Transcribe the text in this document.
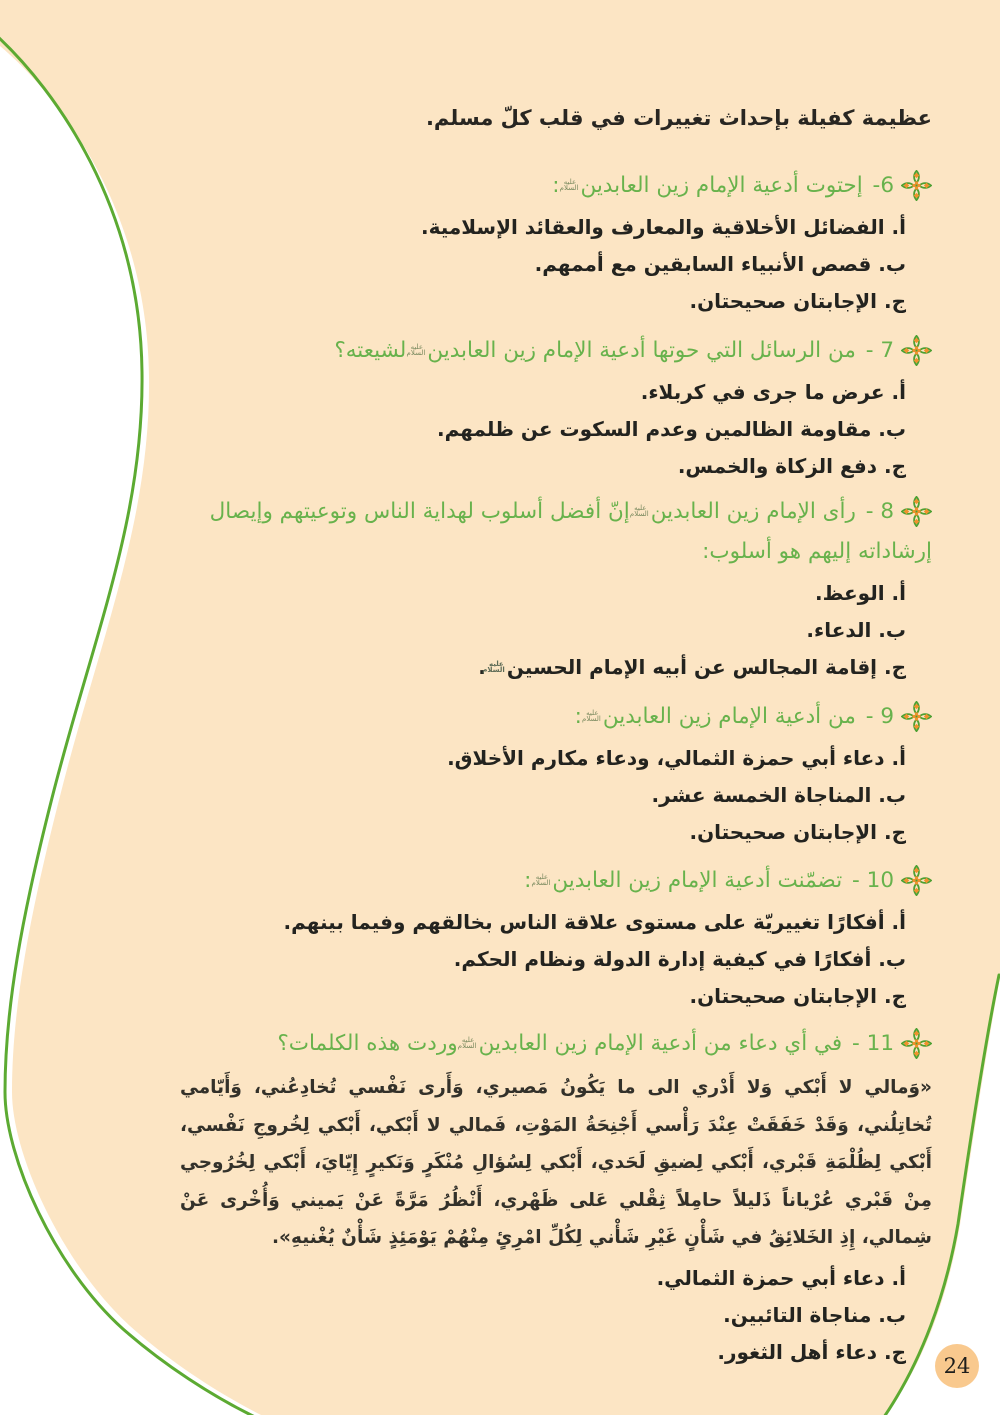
عظيمة كفيلة بإحداث تغييرات في قلب كلّ مسلم.
6- إحتوت أدعية الإمام زين العابدينعليه السلام:
أ. الفضائل الأخلاقية والمعارف والعقائد الإسلامية.
ب. قصص الأنبياء السابقين مع أممهم.
ج. الإجابتان صحيحتان.
7 - من الرسائل التي حوتها أدعية الإمام زين العابدينعليه السلاملشيعته؟
أ. عرض ما جرى في كربلاء.
ب. مقاومة الظالمين وعدم السكوت عن ظلمهم.
ج. دفع الزكاة والخمس.
8 - رأى الإمام زين العابدينعليه السلامإنّ أفضل أسلوب لهداية الناس وتوعيتهم وإيصال إرشاداته إليهم هو أسلوب:
أ. الوعظ.
ب. الدعاء.
ج. إقامة المجالس عن أبيه الإمام الحسينعليه السلام.
9 - من أدعية الإمام زين العابدينعليه السلام:
أ. دعاء أبي حمزة الثمالي، ودعاء مكارم الأخلاق.
ب. المناجاة الخمسة عشر.
ج. الإجابتان صحيحتان.
10 - تضمّنت أدعية الإمام زين العابدينعليه السلام:
أ. أفكارًا تغييريّة على مستوى علاقة الناس بخالقهم وفيما بينهم.
ب. أفكارًا في كيفية إدارة الدولة ونظام الحكم.
ج. الإجابتان صحيحتان.
11 - في أي دعاء من أدعية الإمام زين العابدينعليه السلاموردت هذه الكلمات؟
«وَمالي لا أَبْكي وَلا أَدْري الى ما يَكُونُ مَصيري، وَأَرى نَفْسي تُخادِعُني، وَأَيّامي تُخاتِلُني، وَقَدْ خَفَقَتْ عِنْدَ رَأْسي أَجْنِحَةُ المَوْتِ، فَمالي لا أَبْكي، أَبْكي لِخُروجِ نَفْسي، أَبْكي لِظُلْمَةِ قَبْري، أَبْكي لِضيقِ لَحَدي، أَبْكي لِسُؤالِ مُنْكَرٍ وَنَكيرٍ إِيّايَ، أَبْكي لِخُرُوجي مِنْ قَبْري عُرْياناً ذَليلاً حامِلاً ثِقْلي عَلى ظَهْري، أَنْظُرُ مَرَّةً عَنْ يَميني وَأُخْرى عَنْ شِمالي، إِذِ الخَلائِقُ في شَأْنٍ غَيْرِ شَأْني لِكُلِّ امْرِئٍ مِنْهُمْ يَوْمَئِذٍ شَأْنٌ يُغْنيهِ».
أ. دعاء أبي حمزة الثمالي.
ب. مناجاة التائبين.
ج. دعاء أهل الثغور.
24
